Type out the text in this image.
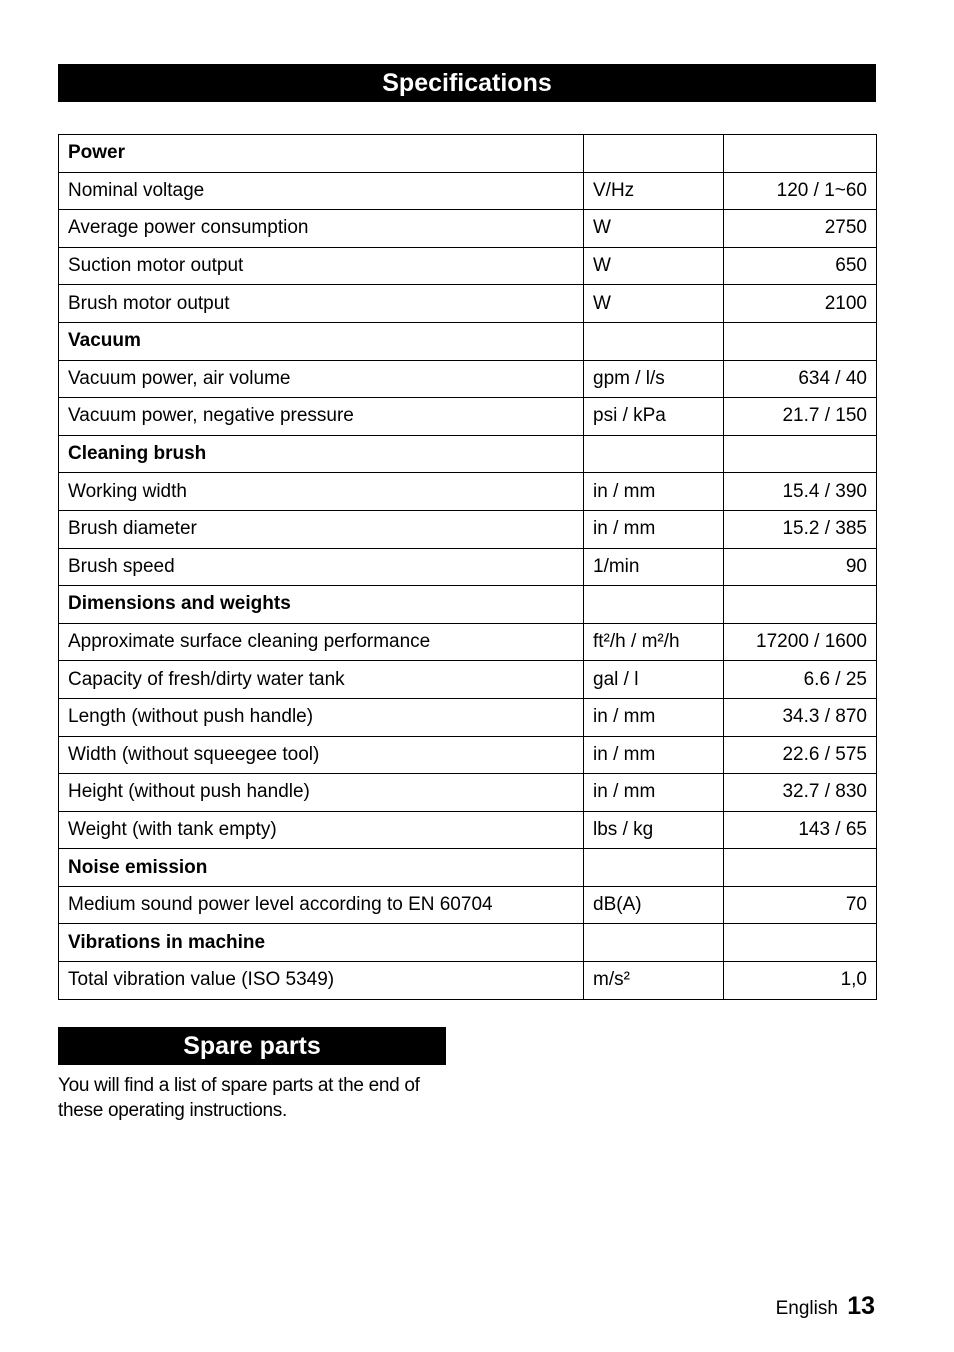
Specifications
Power		
Nominal voltage	V/Hz	120 / 1~60
Average power consumption	W	2750
Suction motor output	W	650
Brush motor output	W	2100
Vacuum		
Vacuum power, air volume	gpm / l/s	634 / 40
Vacuum power, negative pressure	psi / kPa	21.7 / 150
Cleaning brush		
Working width	in / mm	15.4 / 390
Brush diameter	in / mm	15.2 / 385
Brush speed	1/min	90
Dimensions and weights		
Approximate surface cleaning performance	ft²/h / m²/h	17200 / 1600
Capacity of fresh/dirty water tank	gal / l	6.6 / 25
Length (without push handle)	in / mm	34.3 / 870
Width (without squeegee tool)	in / mm	22.6 / 575
Height (without push handle)	in / mm	32.7 / 830
Weight (with tank empty)	lbs / kg	143 / 65
Noise emission		
Medium sound power level according to EN 60704	dB(A)	70
Vibrations in machine		
Total vibration value (ISO 5349)	m/s²	1,0
Spare parts
You will find a list of spare parts at the end of these operating instructions.
English 13
